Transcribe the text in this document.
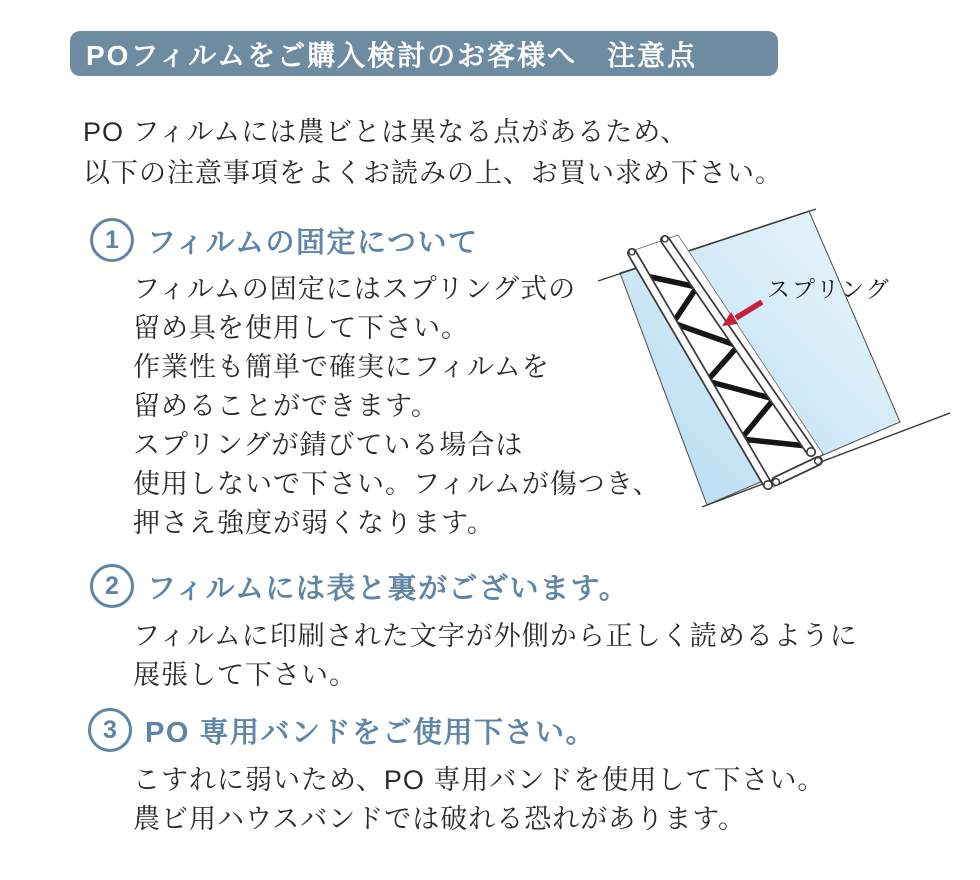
POフィルムをご購入検討のお客様へ　注意点
PO フィルムには農ビとは異なる点があるため、
以下の注意事項をよくお読みの上、お買い求め下さい。
1 フィルムの固定について
フィルムの固定にはスプリング式の
留め具を使用して下さい。
作業性も簡単で確実にフィルムを
留めることができます。
スプリングが錆びている場合は
使用しないで下さい。フィルムが傷つき、
押さえ強度が弱くなります。
スプリング
2 フィルムには表と裏がございます。
フィルムに印刷された文字が外側から正しく読めるように
展張して下さい。
3 PO 専用バンドをご使用下さい。
こすれに弱いため、PO 専用バンドを使用して下さい。
農ビ用ハウスバンドでは破れる恐れがあります。
